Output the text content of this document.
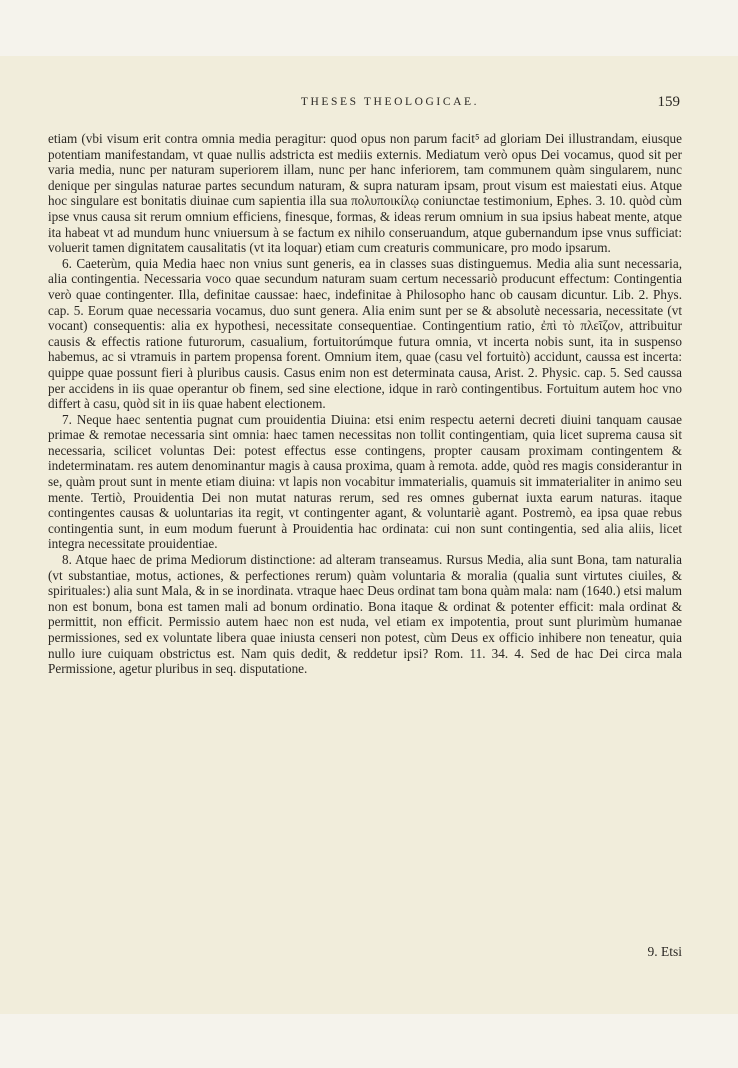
THESES THEOLOGICAE.	159

etiam (vbi visum erit contra omnia media peragitur: quod opus non parum facit⁵ ad gloriam Dei illustrandam, eiusque potentiam manifestandam, vt quae nullis adstricta est mediis externis. Mediatum verò opus Dei vocamus, quod sit per varia media, nunc per naturam superiorem illam, nunc per hanc inferiorem, tam communem quàm singularem, nunc denique per singulas naturae partes secundum naturam, & supra naturam ipsam, prout visum est maiestati eius. Atque hoc singulare est bonitatis diuinae cum sapientia illa sua πολυποικίλῳ coniunctae testimonium, Ephes. 3. 10. quòd cùm ipse vnus causa sit rerum omnium efficiens, finesque, formas, & ideas rerum omnium in sua ipsius habeat mente, atque ita habeat vt ad mundum hunc vniuersum à se factum ex nihilo conseruandum, atque gubernandum ipse vnus sufficiat: voluerit tamen dignitatem causalitatis (vt ita loquar) etiam cum creaturis communicare, pro modo ipsarum.

6. Caeterùm, quia Media haec non vnius sunt generis, ea in classes suas distinguemus. Media alia sunt necessaria, alia contingentia. Necessaria voco quae secundum naturam suam certum necessariò producunt effectum: Contingentia verò quae contingenter. Illa, definitae caussae: haec, indefinitae à Philosopho hanc ob causam dicuntur. Lib. 2. Phys. cap. 5. Eorum quae necessaria vocamus, duo sunt genera. Alia enim sunt per se & absolutè necessaria, necessitate (vt vocant) consequentis: alia ex hypothesi, necessitate consequentiae. Contingentium ratio, ἐπὶ τὸ πλεῖζον, attribuitur causis & effectis ratione futurorum, casualium, fortuitorúmque futura omnia, vt incerta nobis sunt, ita in suspenso habemus, ac si vtramuis in partem propensa forent. Omnium item, quae (casu vel fortuitò) accidunt, caussa est incerta: quippe quae possunt fieri à pluribus causis. Casus enim non est determinata causa, Arist. 2. Physic. cap. 5. Sed caussa per accidens in iis quae operantur ob finem, sed sine electione, idque in rarò contingentibus. Fortuitum autem hoc vno differt à casu, quòd sit in iis quae habent electionem.

7. Neque haec sententia pugnat cum prouidentia Diuina: etsi enim respectu aeterni decreti diuini tanquam causae primae & remotae necessaria sint omnia: haec tamen necessitas non tollit contingentiam, quia licet suprema causa sit necessaria, scilicet voluntas Dei: potest effectus esse contingens, propter causam proximam contingentem & indeterminatam. res autem denominantur magis à causa proxima, quam à remota. adde, quòd res magis considerantur in se, quàm prout sunt in mente etiam diuina: vt lapis non vocabitur immaterialis, quamuis sit immaterialiter in animo seu mente. Tertiò, Prouidentia Dei non mutat naturas rerum, sed res omnes gubernat iuxta earum naturas. itaque contingentes causas & uoluntarias ita regit, vt contingenter agant, & voluntariè agant. Postremò, ea ipsa quae rebus contingentia sunt, in eum modum fuerunt à Prouidentia hac ordinata: cui non sunt contingentia, sed alia aliis, licet integra necessitate prouidentiae.

8. Atque haec de prima Mediorum distinctione: ad alteram transeamus. Rursus Media, alia sunt Bona, tam naturalia (vt substantiae, motus, actiones, & perfectiones rerum) quàm voluntaria & moralia (qualia sunt virtutes ciuiles, & spirituales:) alia sunt Mala, & in se inordinata. vtraque haec Deus ordinat tam bona quàm mala: nam (1640.) etsi malum non est bonum, bona est tamen mali ad bonum ordinatio. Bona itaque & ordinat & potenter efficit: mala ordinat & permittit, non efficit. Permissio autem haec non est nuda, vel etiam ex impotentia, prout sunt plurimùm humanae permissiones, sed ex voluntate libera quae iniusta censeri non potest, cùm Deus ex officio inhibere non teneatur, quia nullo iure cuiquam obstrictus est. Nam quis dedit, & reddetur ipsi? Rom. 11. 34. 4. Sed de hac Dei circa mala Permissione, agetur pluribus in seq. disputatione.

9. Etsi
